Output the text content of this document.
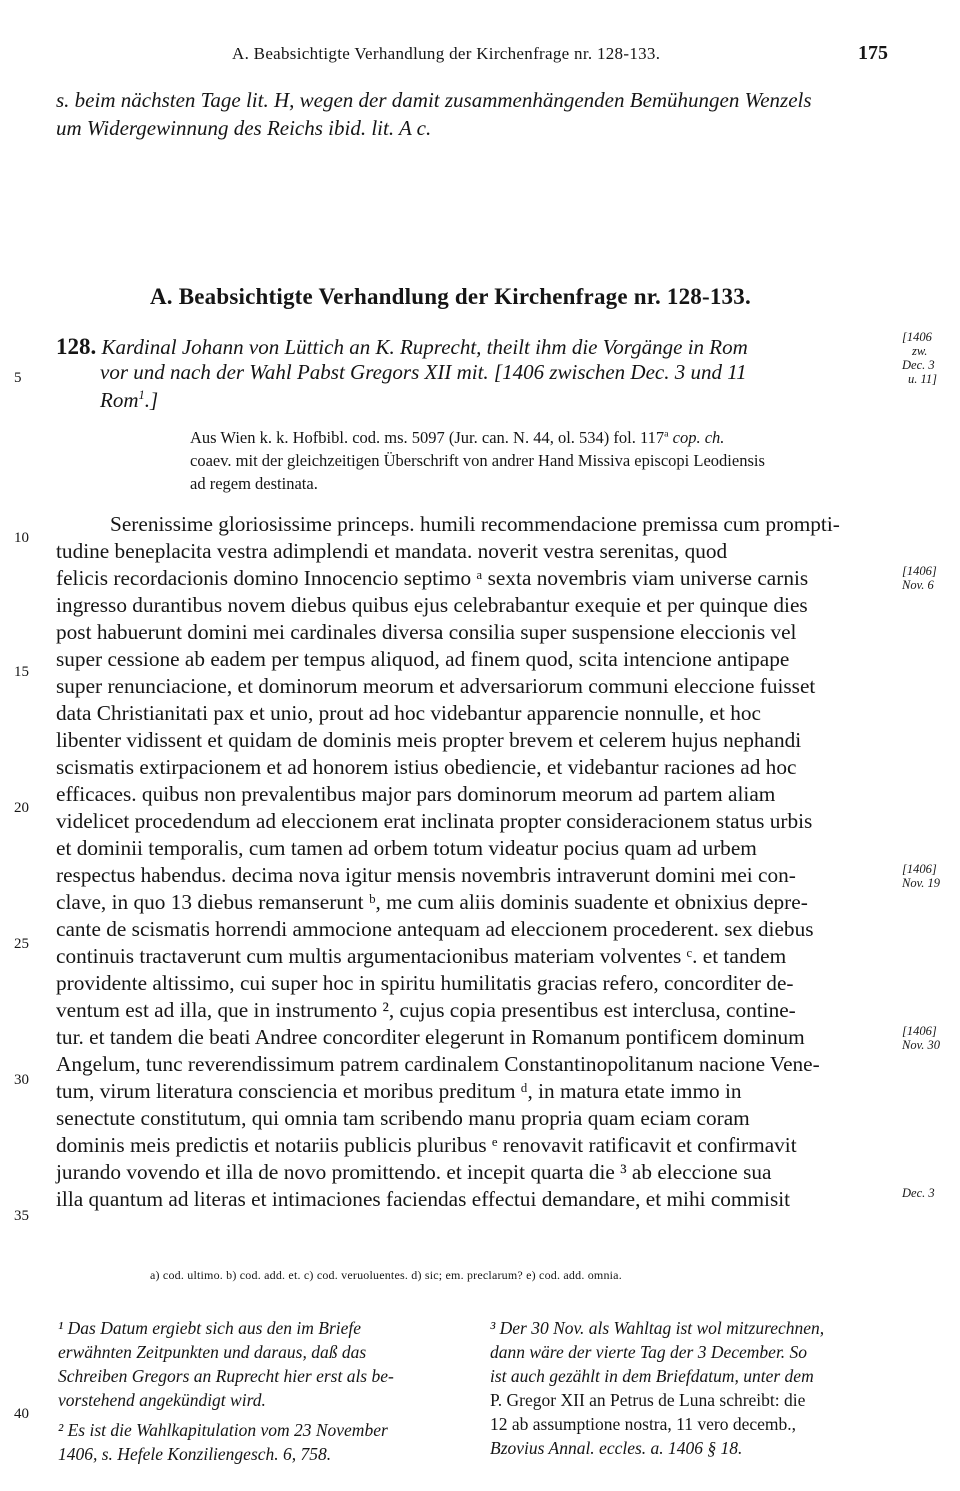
A. Beabsichtigte Verhandlung der Kirchenfrage nr. 128-133.	175
s. beim nächsten Tage lit. H, wegen der damit zusammenhängenden Bemühungen Wenzels
um Widergewinnung des Reichs ibid. lit. A c.
A. Beabsichtigte Verhandlung der Kirchenfrage nr. 128-133.
128. Kardinal Johann von Lüttich an K. Ruprecht, theilt ihm die Vorgänge in Rom
vor und nach der Wahl Pabst Gregors XII mit. [1406 zwischen Dec. 3 und 11
Rom$^1$.]
[1406
zw.
Dec. 3
u. 11]
Aus Wien k. k. Hofbibl. cod. ms. 5097 (Jur. can. N. 44, ol. 534) fol. 117$^a$ cop. ch.
coaev. mit der gleichzeitigen Überschrift von andrer Hand Missiva episcopi Leodiensis
ad regem destinata.
5
10
15
20
25
30
35
40
Serenissime gloriosissime princeps. humili recommendacione premissa cum prompti-
tudine beneplacita vestra adimplendi et mandata. noverit vestra serenitas, quod
felicis recordacionis domino Innocencio septimo ᵃ sexta novembris viam universe carnis
ingresso durantibus novem diebus quibus ejus celebrabantur exequie et per quinque dies
post habuerunt domini mei cardinales diversa consilia super suspensione eleccionis vel
super cessione ab eadem per tempus aliquod, ad finem quod, scita intencione antipape
super renunciacione, et dominorum meorum et adversariorum communi eleccione fuisset
data Christianitati pax et unio, prout ad hoc videbantur apparencie nonnulle, et hoc
libenter vidissent et quidam de dominis meis propter brevem et celerem hujus nephandi
scismatis extirpacionem et ad honorem istius obediencie, et videbantur raciones ad hoc
efficaces. quibus non prevalentibus major pars dominorum meorum ad partem aliam
videlicet procedendum ad eleccionem erat inclinata propter consideracionem status urbis
et dominii temporalis, cum tamen ad orbem totum videatur pocius quam ad urbem
respectus habendus. decima nova igitur mensis novembris intraverunt domini mei con-
clave, in quo 13 diebus remanserunt ᵇ, me cum aliis dominis suadente et obnixius depre-
cante de scismatis horrendi ammocione antequam ad eleccionem procederent. sex diebus
continuis tractaverunt cum multis argumentacionibus materiam volventes ᶜ. et tandem
providente altissimo, cui super hoc in spiritu humilitatis gracias refero, concorditer de-
ventum est ad illa, que in instrumento ², cujus copia presentibus est interclusa, contine-
tur. et tandem die beati Andree concorditer elegerunt in Romanum pontificem dominum
Angelum, tunc reverendissimum patrem cardinalem Constantinopolitanum nacione Vene-
tum, virum literatura consciencia et moribus preditum ᵈ, in matura etate immo in
senectute constitutum, qui omnia tam scribendo manu propria quam eciam coram
dominis meis predictis et notariis publicis pluribus ᵉ renovavit ratificavit et confirmavit
jurando vovendo et illa de novo promittendo. et incepit quarta die ³ ab eleccione sua
illa quantum ad literas et intimaciones faciendas effectui demandare, et mihi commisit
[1406]
Nov. 6
[1406]
Nov. 19
[1406]
Nov. 30
Dec. 3
a) cod. ultimo. b) cod. add. et. c) cod. veruoluentes. d) sic; em. preclarum? e) cod. add. omnia.
¹ Das Datum ergiebt sich aus den im Briefe
erwähnten Zeitpunkten und daraus, daß das
Schreiben Gregors an Ruprecht hier erst als be-
vorstehend angekündigt wird.
² Es ist die Wahlkapitulation vom 23 November
1406, s. Hefele Konziliengesch. 6, 758.
³ Der 30 Nov. als Wahltag ist wol mitzurechnen,
dann wäre der vierte Tag der 3 December. So
ist auch gezählt in dem Briefdatum, unter dem
P. Gregor XII an Petrus de Luna schreibt: die
12 ab assumptione nostra, 11 vero decemb.,
Bzovius Annal. eccles. a. 1406 § 18.
